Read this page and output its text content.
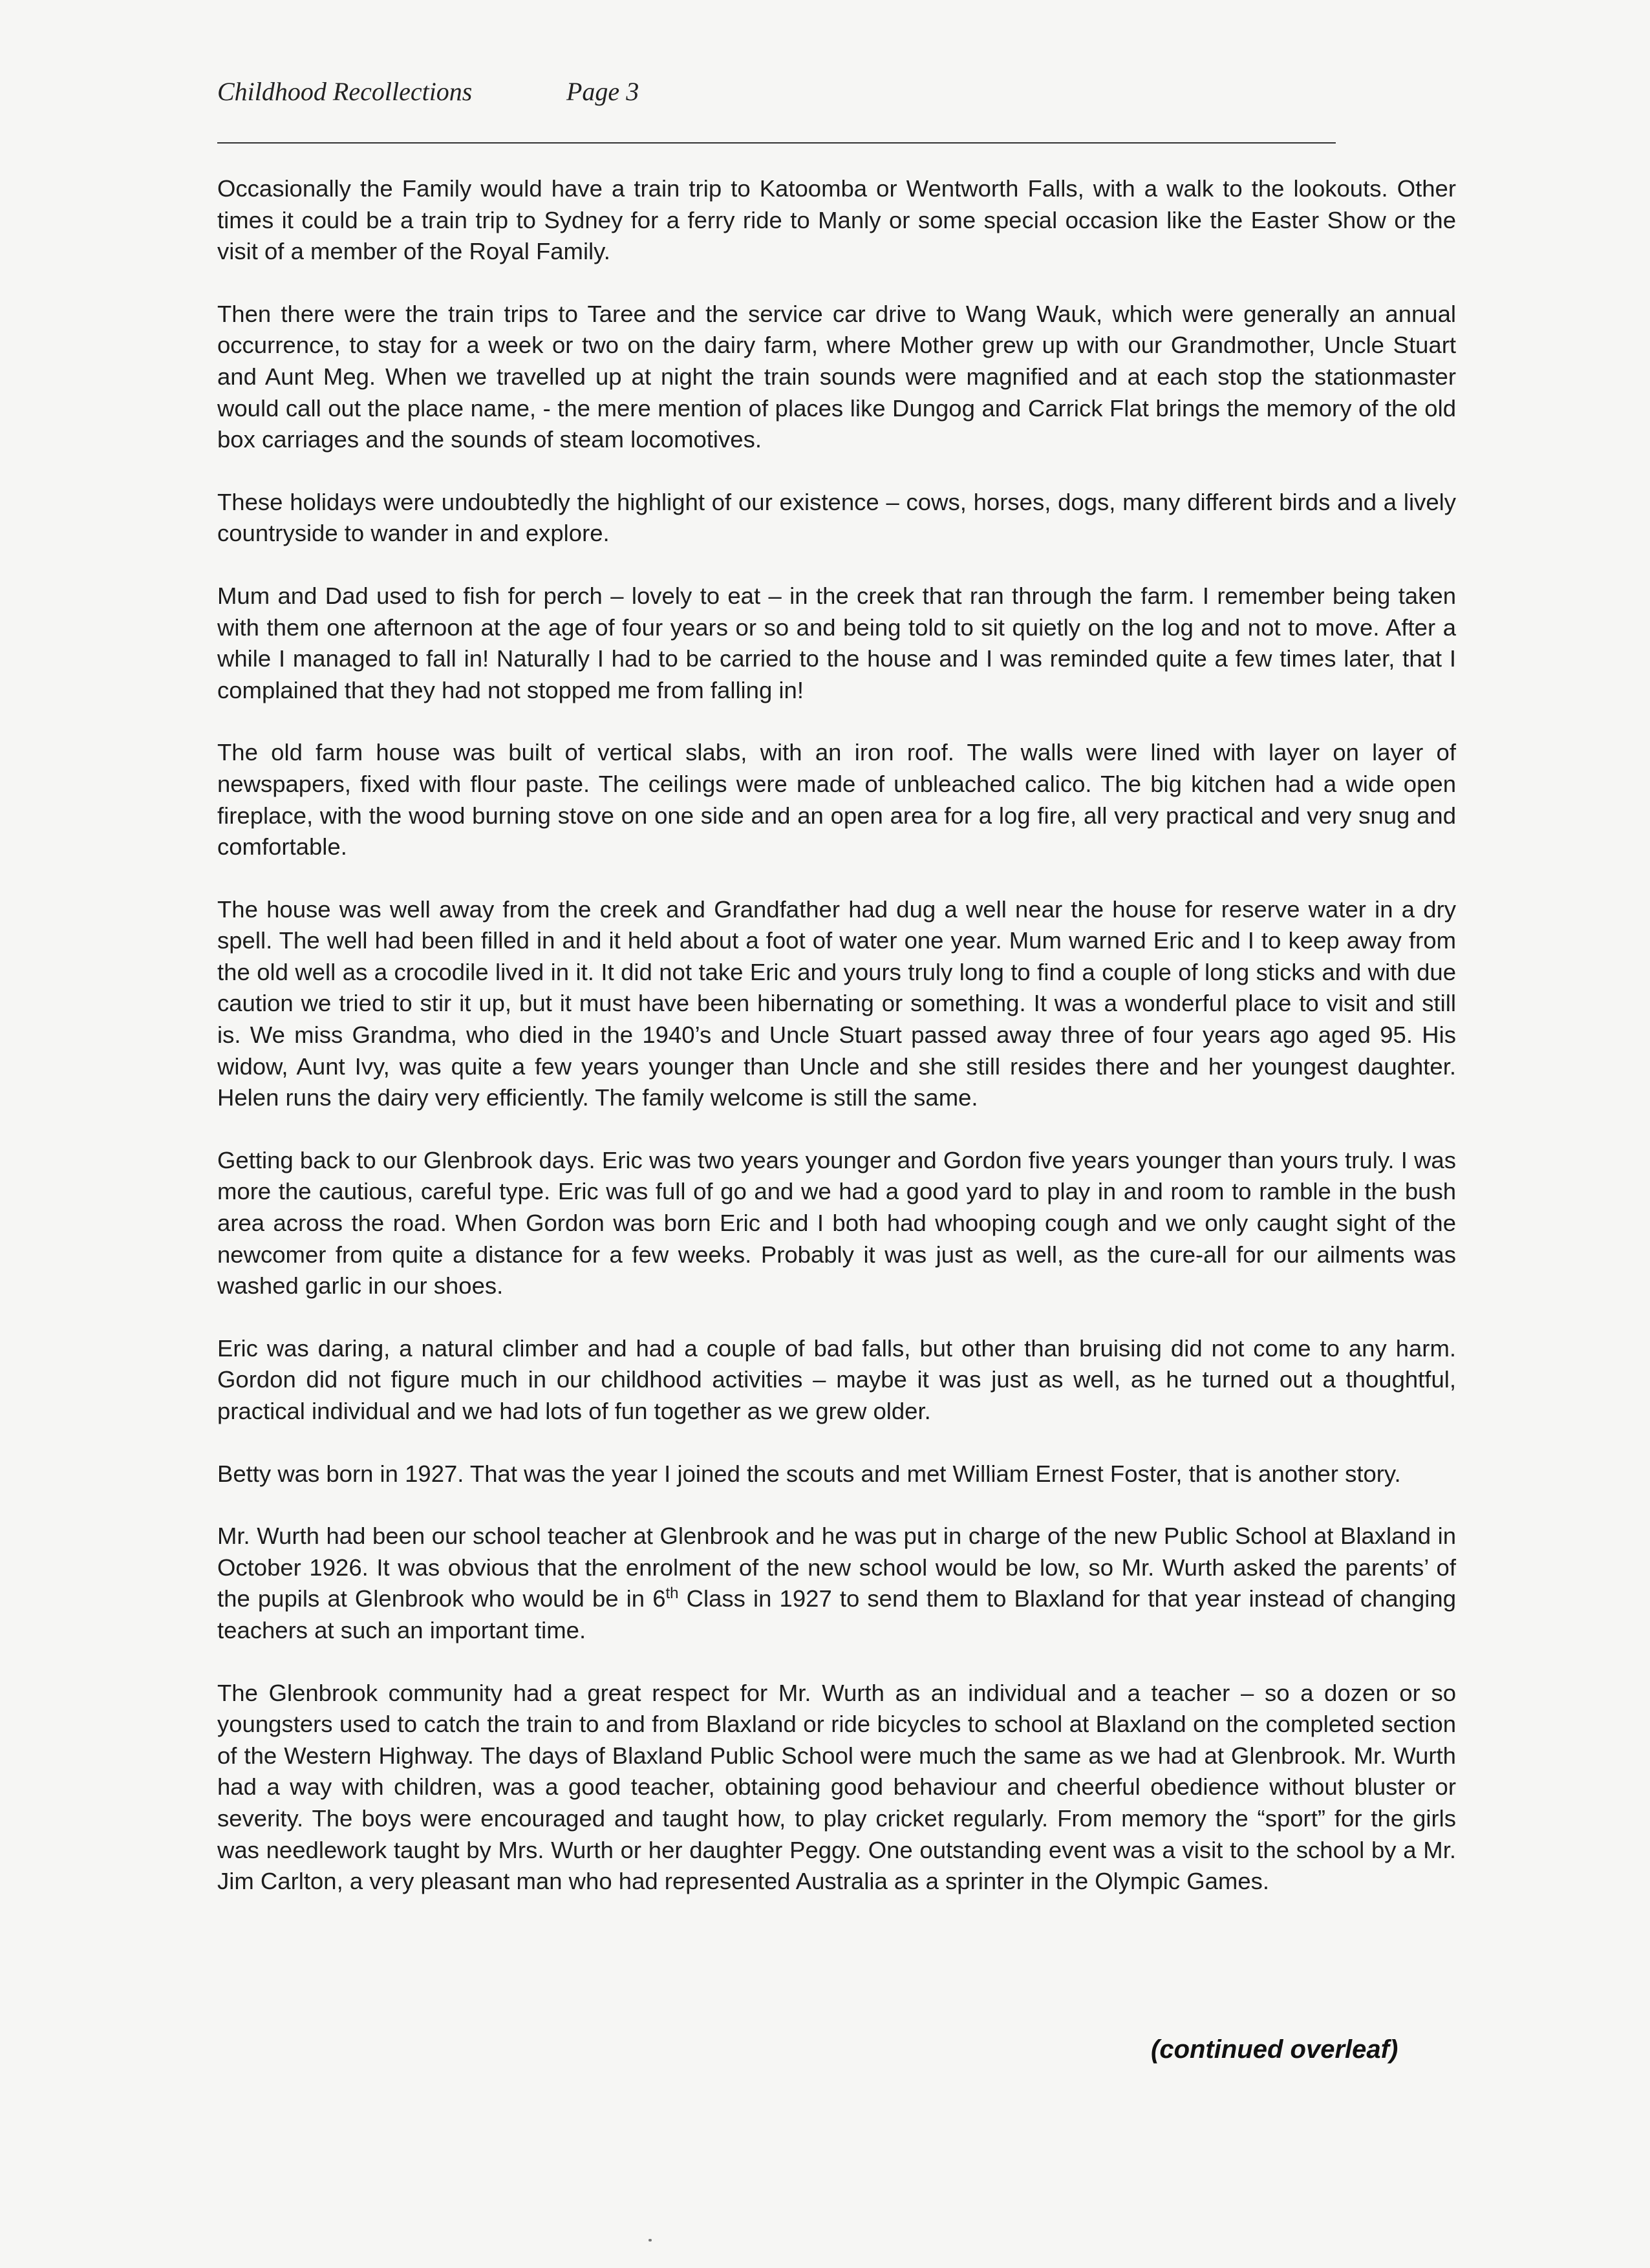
Childhood Recollections	Page 3

Occasionally the Family would have a train trip to Katoomba or Wentworth Falls, with a walk to the lookouts. Other times it could be a train trip to Sydney for a ferry ride to Manly or some special occasion like the Easter Show or the visit of a member of the Royal Family.

Then there were the train trips to Taree and the service car drive to Wang Wauk, which were generally an annual occurrence, to stay for a week or two on the dairy farm, where Mother grew up with our Grandmother, Uncle Stuart and Aunt Meg. When we travelled up at night the train sounds were magnified and at each stop the stationmaster would call out the place name, - the mere mention of places like Dungog and Carrick Flat brings the memory of the old box carriages and the sounds of steam locomotives.

These holidays were undoubtedly the highlight of our existence – cows, horses, dogs, many different birds and a lively countryside to wander in and explore.

Mum and Dad used to fish for perch – lovely to eat – in the creek that ran through the farm. I remember being taken with them one afternoon at the age of four years or so and being told to sit quietly on the log and not to move. After a while I managed to fall in! Naturally I had to be carried to the house and I was reminded quite a few times later, that I complained that they had not stopped me from falling in!

The old farm house was built of vertical slabs, with an iron roof. The walls were lined with layer on layer of newspapers, fixed with flour paste. The ceilings were made of unbleached calico. The big kitchen had a wide open fireplace, with the wood burning stove on one side and an open area for a log fire, all very practical and very snug and comfortable.

The house was well away from the creek and Grandfather had dug a well near the house for reserve water in a dry spell. The well had been filled in and it held about a foot of water one year. Mum warned Eric and I to keep away from the old well as a crocodile lived in it. It did not take Eric and yours truly long to find a couple of long sticks and with due caution we tried to stir it up, but it must have been hibernating or something. It was a wonderful place to visit and still is. We miss Grandma, who died in the 1940’s and Uncle Stuart passed away three of four years ago aged 95. His widow, Aunt Ivy, was quite a few years younger than Uncle and she still resides there and her youngest daughter. Helen runs the dairy very efficiently. The family welcome is still the same.

Getting back to our Glenbrook days. Eric was two years younger and Gordon five years younger than yours truly. I was more the cautious, careful type. Eric was full of go and we had a good yard to play in and room to ramble in the bush area across the road. When Gordon was born Eric and I both had whooping cough and we only caught sight of the newcomer from quite a distance for a few weeks. Probably it was just as well, as the cure-all for our ailments was washed garlic in our shoes.

Eric was daring, a natural climber and had a couple of bad falls, but other than bruising did not come to any harm. Gordon did not figure much in our childhood activities – maybe it was just as well, as he turned out a thoughtful, practical individual and we had lots of fun together as we grew older.

Betty was born in 1927. That was the year I joined the scouts and met William Ernest Foster, that is another story.

Mr. Wurth had been our school teacher at Glenbrook and he was put in charge of the new Public School at Blaxland in October 1926. It was obvious that the enrolment of the new school would be low, so Mr. Wurth asked the parents’ of the pupils at Glenbrook who would be in 6th Class in 1927 to send them to Blaxland for that year instead of changing teachers at such an important time.

The Glenbrook community had a great respect for Mr. Wurth as an individual and a teacher – so a dozen or so youngsters used to catch the train to and from Blaxland or ride bicycles to school at Blaxland on the completed section of the Western Highway. The days of Blaxland Public School were much the same as we had at Glenbrook. Mr. Wurth had a way with children, was a good teacher, obtaining good behaviour and cheerful obedience without bluster or severity. The boys were encouraged and taught how, to play cricket regularly. From memory the “sport” for the girls was needlework taught by Mrs. Wurth or her daughter Peggy. One outstanding event was a visit to the school by a Mr. Jim Carlton, a very pleasant man who had represented Australia as a sprinter in the Olympic Games.

(continued overleaf)
